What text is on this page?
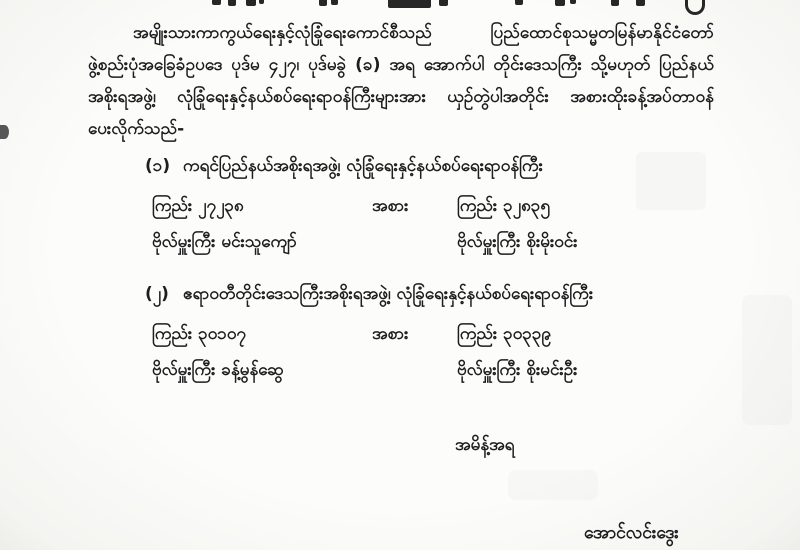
အမျိုးသားကာကွယ်ရေးနှင့်လုံခြုံရေးကောင်စီသည် ပြည်ထောင်စုသမ္မတမြန်မာနိုင်ငံတော် ဖွဲ့စည်းပုံအခြေခံဥပဒေ ပုဒ်မ ၄၂၇၊ ပုဒ်မခွဲ (ခ) အရ အောက်ပါ တိုင်းဒေသကြီး သို့မဟုတ် ပြည်နယ် အစိုးရအဖွဲ့၊ လုံခြုံရေးနှင့်နယ်စပ်ရေးရာဝန်ကြီးများအား ယှဉ်တွဲပါအတိုင်း အစားထိုးခန့်အပ်တာဝန် ပေးလိုက်သည်-
(၁) ကရင်ပြည်နယ်အစိုးရအဖွဲ့၊ လုံခြုံရေးနှင့်နယ်စပ်ရေးရာဝန်ကြီး
ကြည်း ၂၇၂၃၈	အစား	ကြည်း ၃၂၈၃၅
ဗိုလ်မှူးကြီး မင်းသူကျော်	ဗိုလ်မှူးကြီး စိုးမိုးဝင်း
(၂) ဧရာဝတီတိုင်းဒေသကြီးအစိုးရအဖွဲ့၊ လုံခြုံရေးနှင့်နယ်စပ်ရေးရာဝန်ကြီး
ကြည်း ၃၀၁၀၇	အစား	ကြည်း ၃၀၃၃၉
ဗိုလ်မှူးကြီး ခန့်မွန်ဆွေ	ဗိုလ်မှူးကြီး စိုးမင်းဦး
အမိန့်အရ
အောင်လင်းဒွေး
